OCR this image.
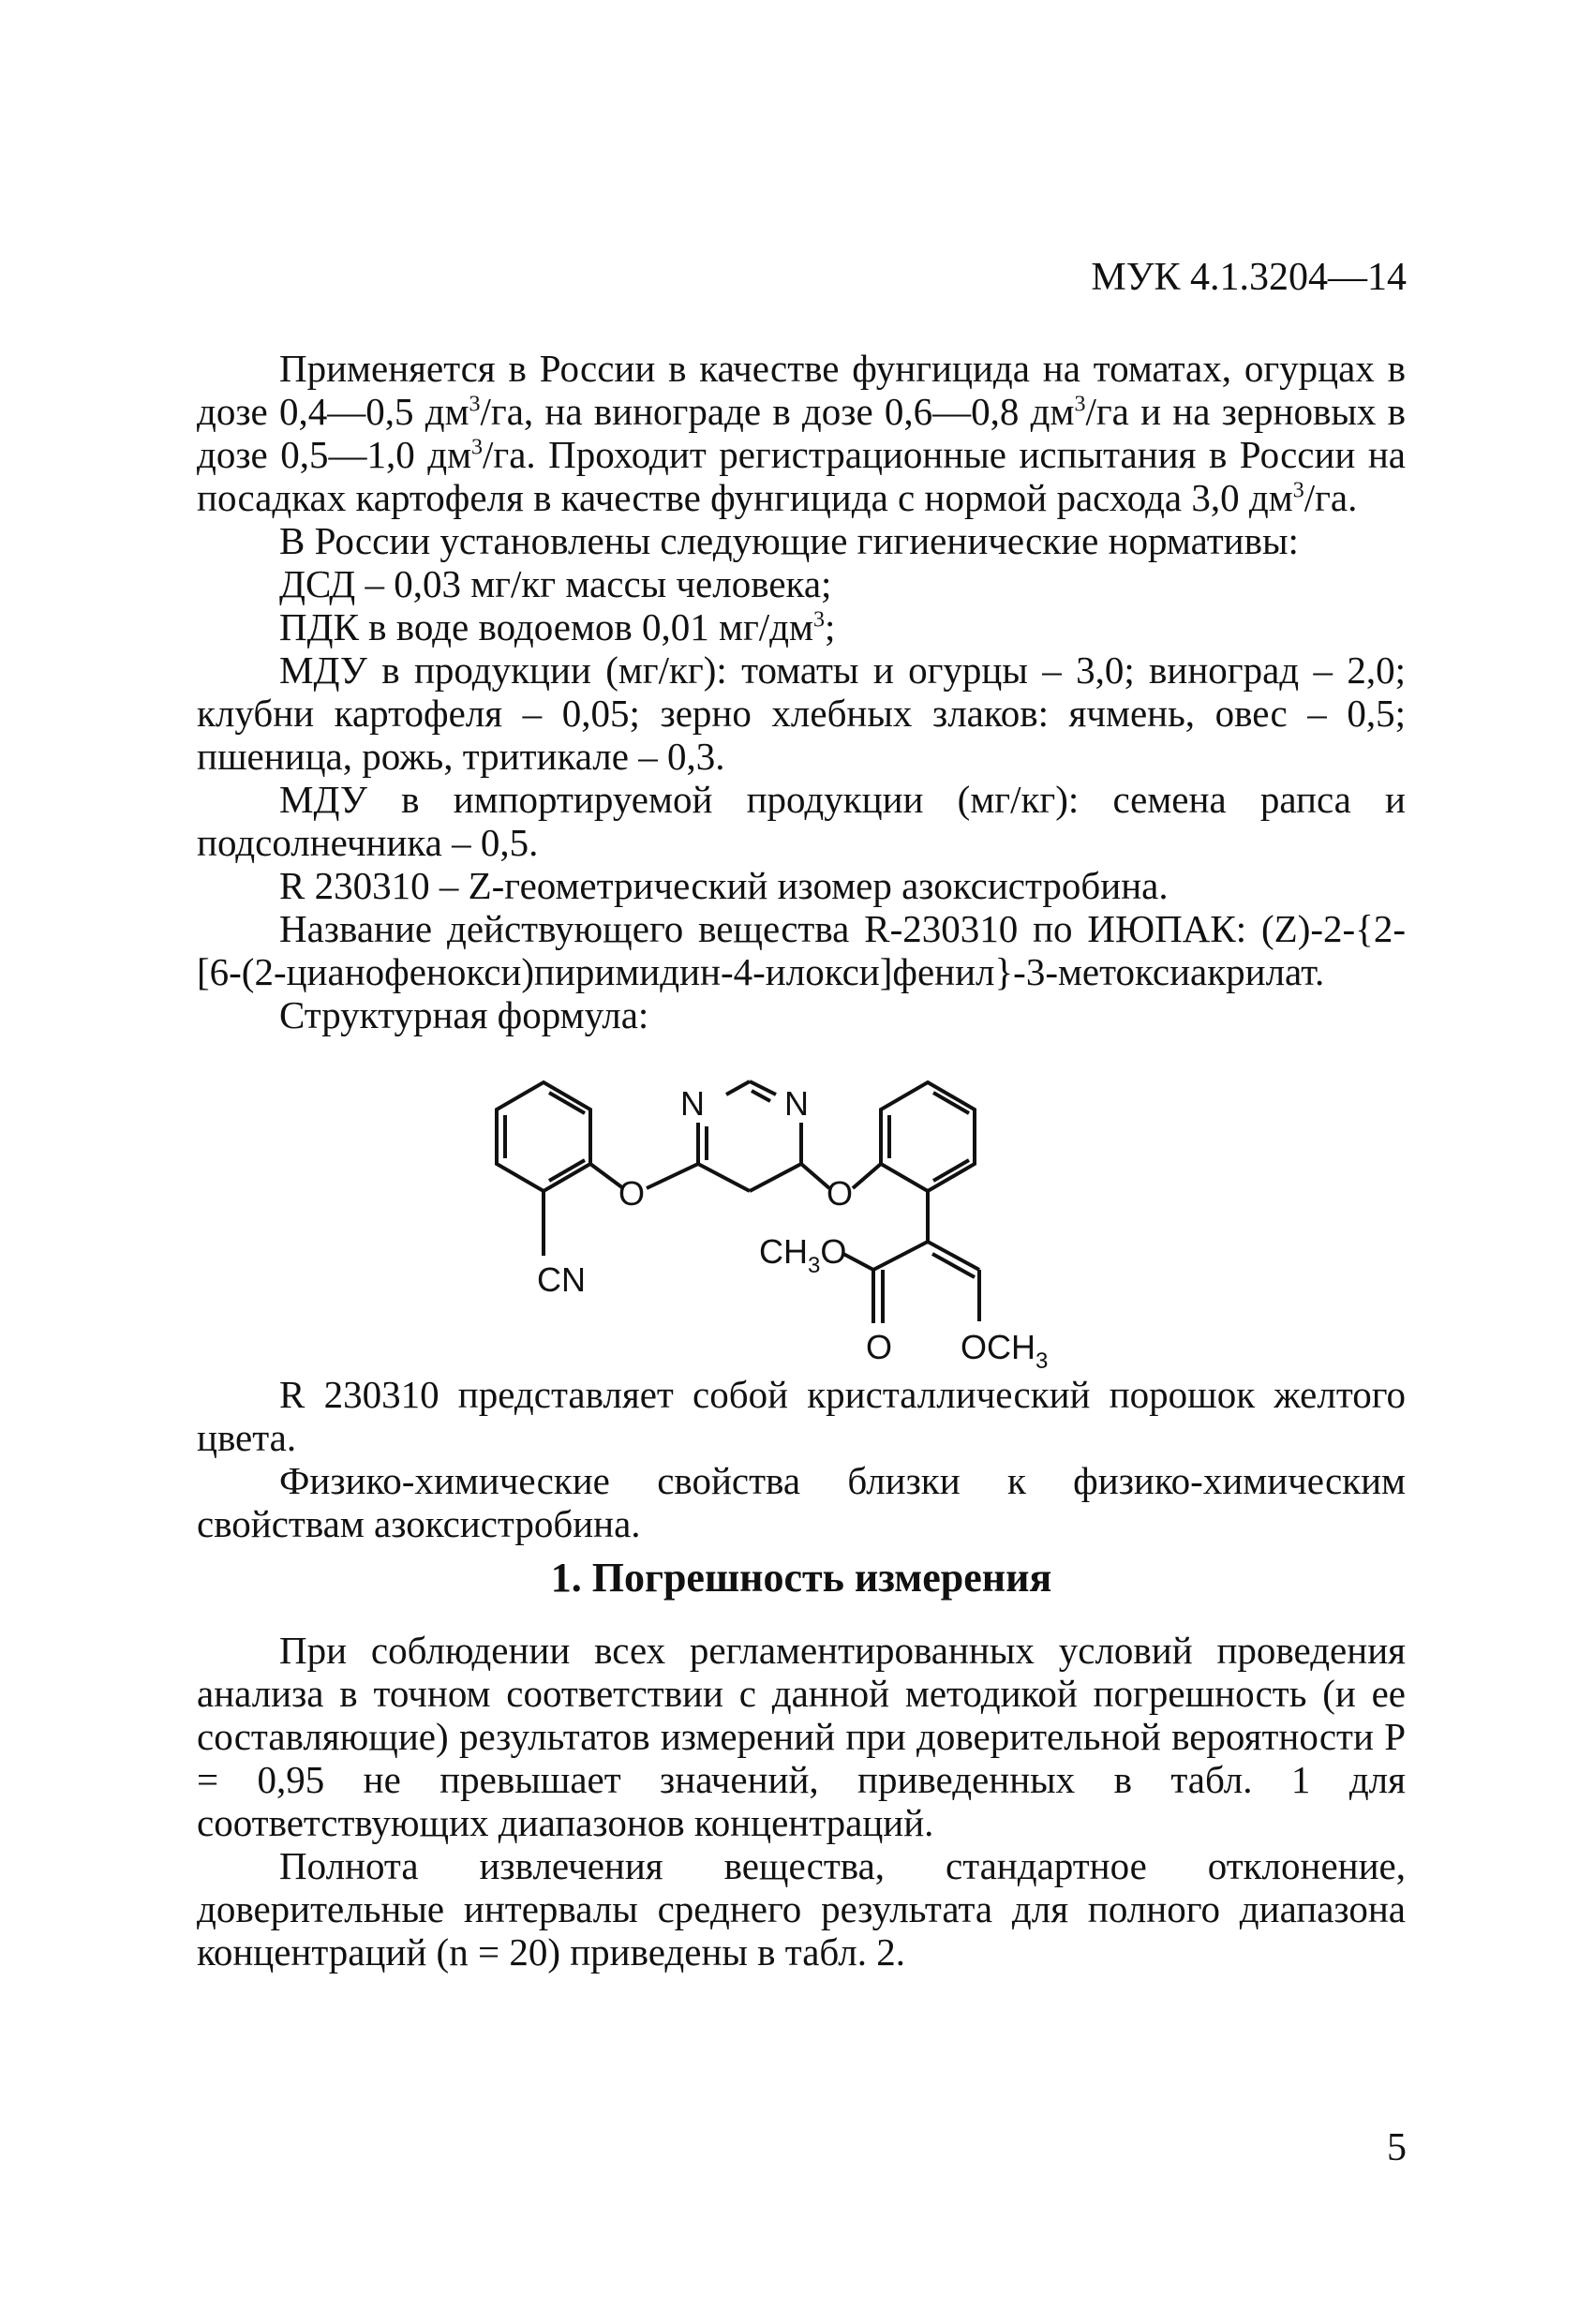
МУК 4.1.3204—14

Применяется в России в качестве фунгицида на томатах, огурцах в дозе 0,4—0,5 $дм^3/га$, на винограде в дозе 0,6—0,8 $дм^3/га$ и на зерновых в дозе 0,5—1,0 $дм^3/га$. Проходит регистрационные испытания в России на посадках картофеля в качестве фунгицида с нормой расхода 3,0 $дм^3/га$.

В России установлены следующие гигиенические нормативы:

ДСД – 0,03 мг/кг массы человека;

ПДК в воде водоемов 0,01 $мг/дм^3$;

МДУ в продукции (мг/кг): томаты и огурцы – 3,0; виноград – 2,0; клубни картофеля – 0,05; зерно хлебных злаков: ячмень, овес – 0,5; пшеница, рожь, тритикале – 0,3.

МДУ в импортируемой продукции (мг/кг): семена рапса и подсолнечника – 0,5.

R 230310 – Z-геометрический изомер азоксистробина.

Название действующего вещества R-230310 по ИЮПАК: (Z)-2-{2-[6-(2-цианофенокси)пиримидин-4-илокси]фенил}-3-метоксиакрилат.

Структурная формула:

O
N N
O
CN
$CH_3O$
O $OCH_3$

R 230310 представляет собой кристаллический порошок желтого цвета.

Физико-химические свойства близки к физико-химическим свойствам азоксистробина.

1. Погрешность измерения

При соблюдении всех регламентированных условий проведения анализа в точном соответствии с данной методикой погрешность (и ее составляющие) результатов измерений при доверительной вероятности P = 0,95 не превышает значений, приведенных в табл. 1 для соответствующих диапазонов концентраций.

Полнота извлечения вещества, стандартное отклонение, доверительные интервалы среднего результата для полного диапазона концентраций (n = 20) приведены в табл. 2.

5
